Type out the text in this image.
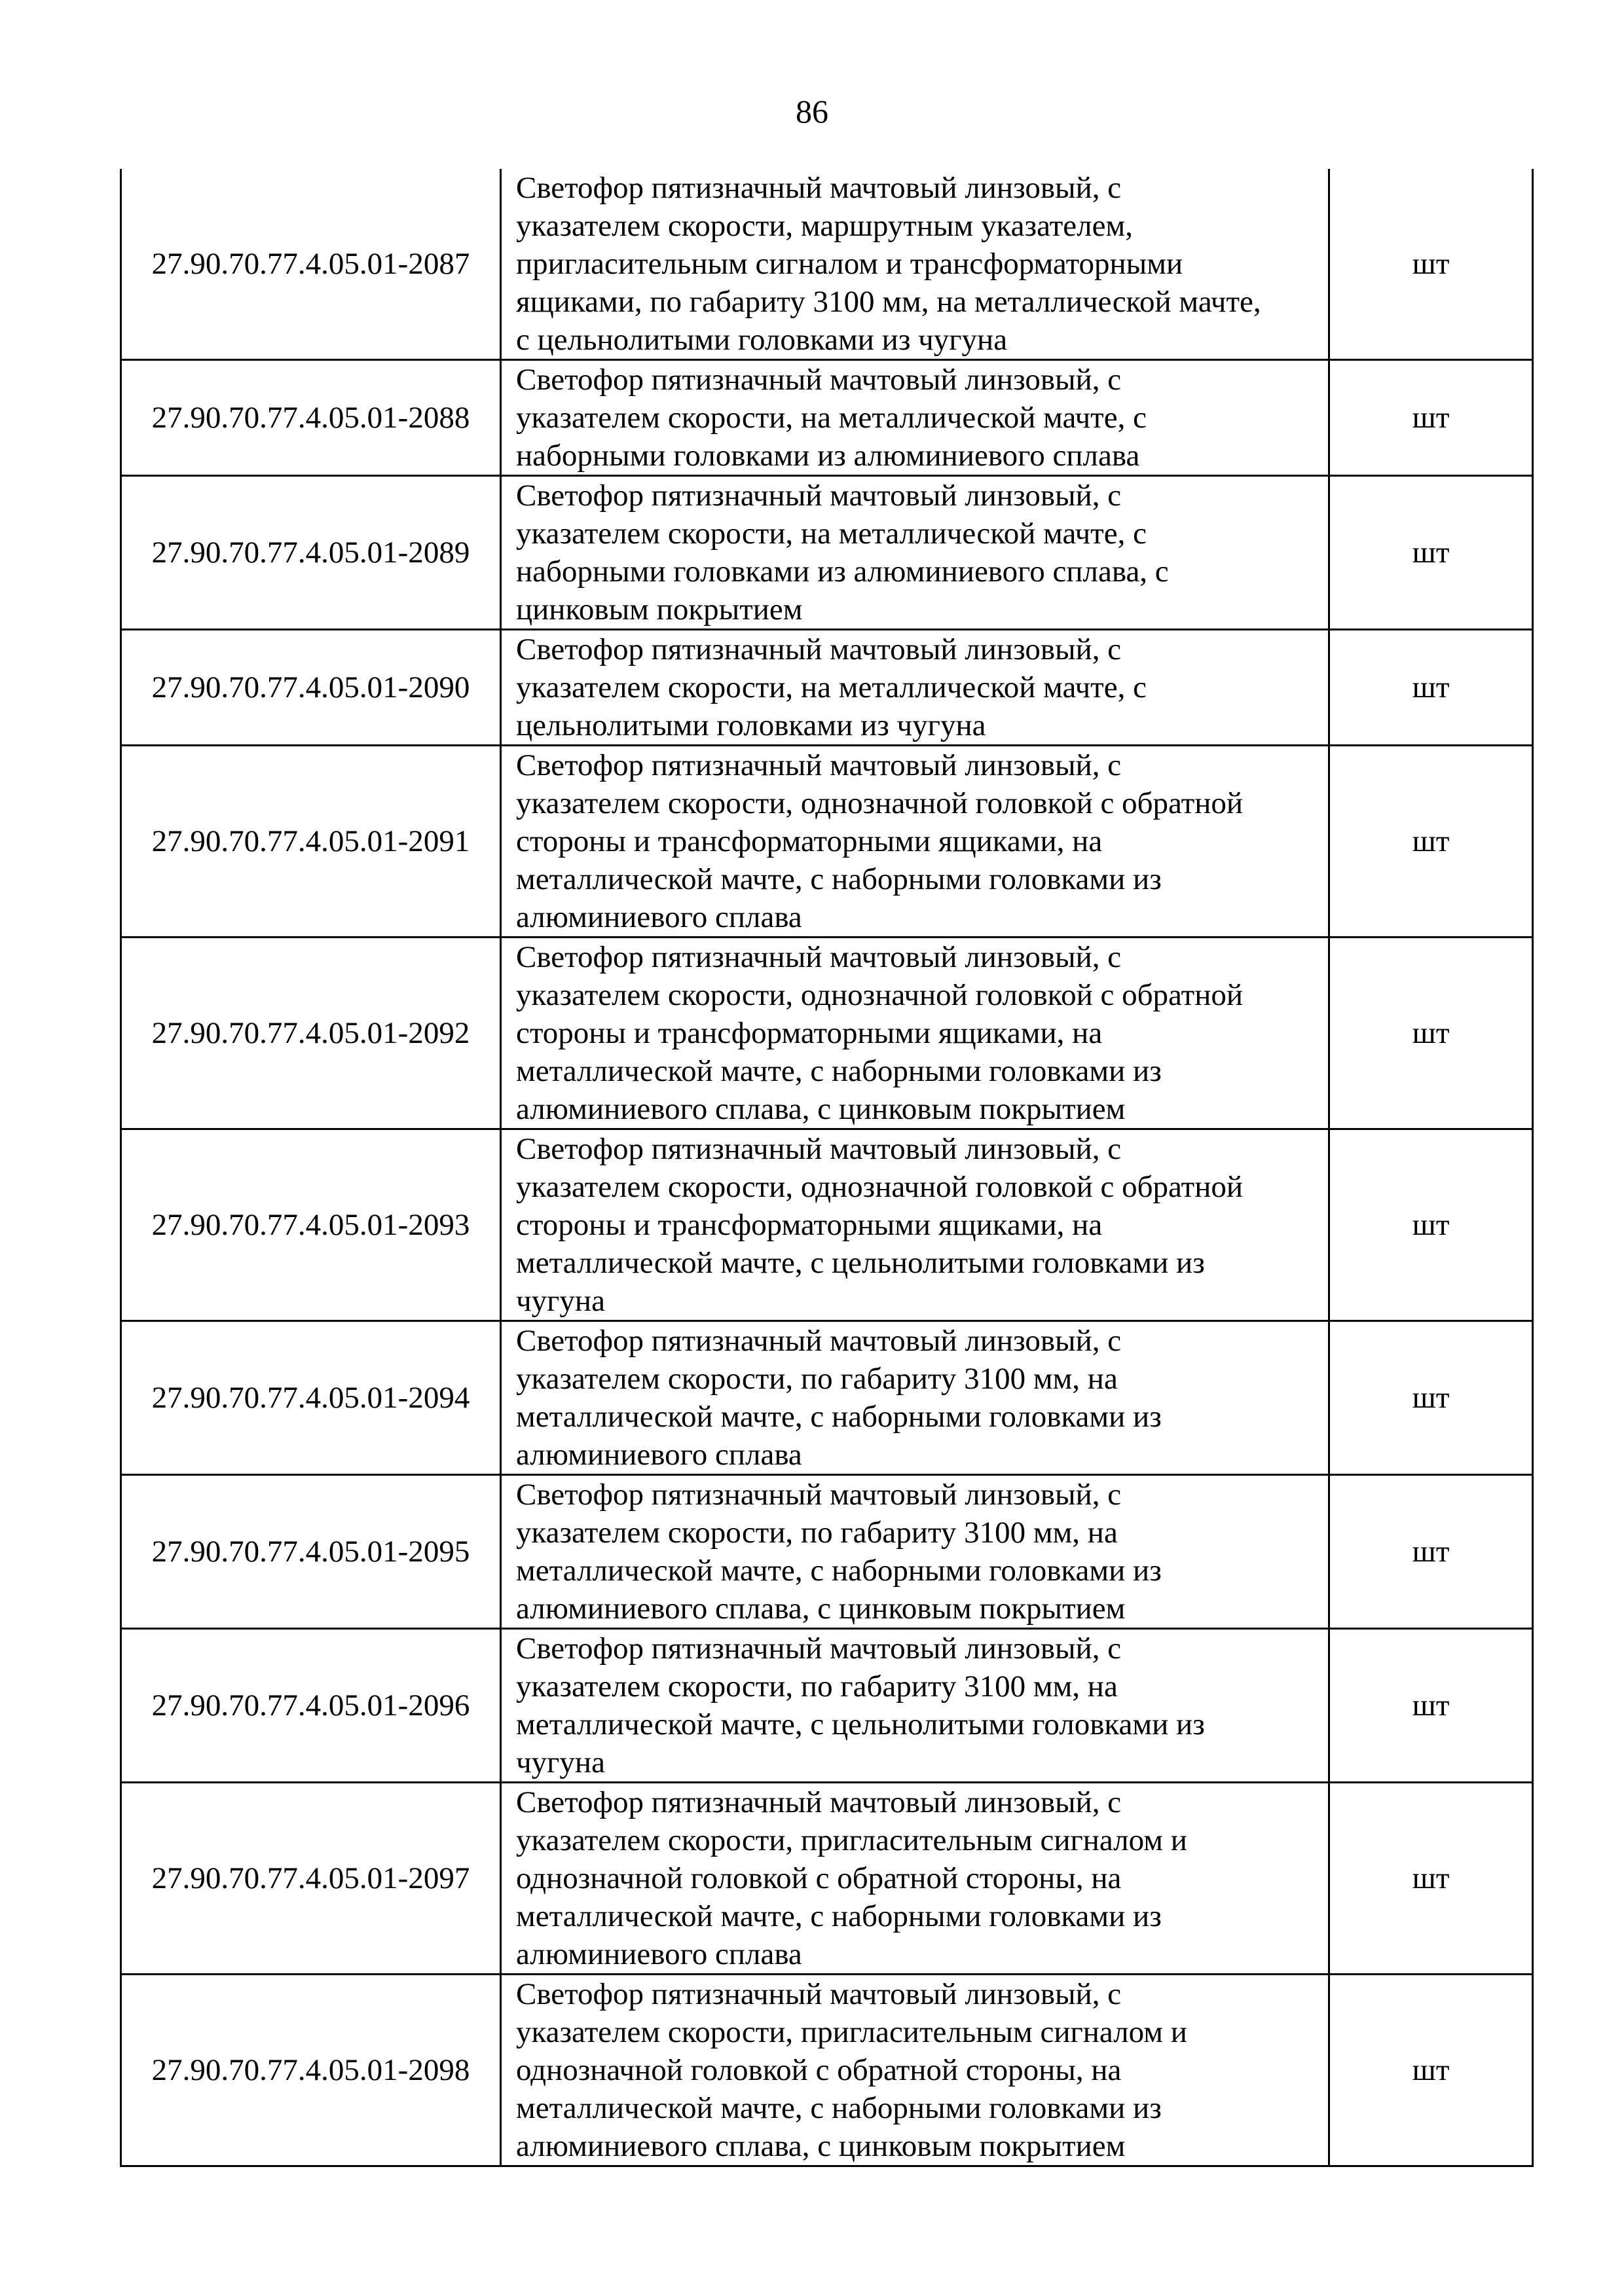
86
27.90.70.77.4.05.01-2087	Светофор пятизначный мачтовый линзовый, с
указателем скорости, маршрутным указателем,
пригласительным сигналом и трансформаторными
ящиками, по габариту 3100 мм, на металлической мачте,
с цельнолитыми головками из чугуна	шт
27.90.70.77.4.05.01-2088	Светофор пятизначный мачтовый линзовый, с
указателем скорости, на металлической мачте, с
наборными головками из алюминиевого сплава	шт
27.90.70.77.4.05.01-2089	Светофор пятизначный мачтовый линзовый, с
указателем скорости, на металлической мачте, с
наборными головками из алюминиевого сплава, с
цинковым покрытием	шт
27.90.70.77.4.05.01-2090	Светофор пятизначный мачтовый линзовый, с
указателем скорости, на металлической мачте, с
цельнолитыми головками из чугуна	шт
27.90.70.77.4.05.01-2091	Светофор пятизначный мачтовый линзовый, с
указателем скорости, однозначной головкой с обратной
стороны и трансформаторными ящиками, на
металлической мачте, с наборными головками из
алюминиевого сплава	шт
27.90.70.77.4.05.01-2092	Светофор пятизначный мачтовый линзовый, с
указателем скорости, однозначной головкой с обратной
стороны и трансформаторными ящиками, на
металлической мачте, с наборными головками из
алюминиевого сплава, с цинковым покрытием	шт
27.90.70.77.4.05.01-2093	Светофор пятизначный мачтовый линзовый, с
указателем скорости, однозначной головкой с обратной
стороны и трансформаторными ящиками, на
металлической мачте, с цельнолитыми головками из
чугуна	шт
27.90.70.77.4.05.01-2094	Светофор пятизначный мачтовый линзовый, с
указателем скорости, по габариту 3100 мм, на
металлической мачте, с наборными головками из
алюминиевого сплава	шт
27.90.70.77.4.05.01-2095	Светофор пятизначный мачтовый линзовый, с
указателем скорости, по габариту 3100 мм, на
металлической мачте, с наборными головками из
алюминиевого сплава, с цинковым покрытием	шт
27.90.70.77.4.05.01-2096	Светофор пятизначный мачтовый линзовый, с
указателем скорости, по габариту 3100 мм, на
металлической мачте, с цельнолитыми головками из
чугуна	шт
27.90.70.77.4.05.01-2097	Светофор пятизначный мачтовый линзовый, с
указателем скорости, пригласительным сигналом и
однозначной головкой с обратной стороны, на
металлической мачте, с наборными головками из
алюминиевого сплава	шт
27.90.70.77.4.05.01-2098	Светофор пятизначный мачтовый линзовый, с
указателем скорости, пригласительным сигналом и
однозначной головкой с обратной стороны, на
металлической мачте, с наборными головками из
алюминиевого сплава, с цинковым покрытием	шт
